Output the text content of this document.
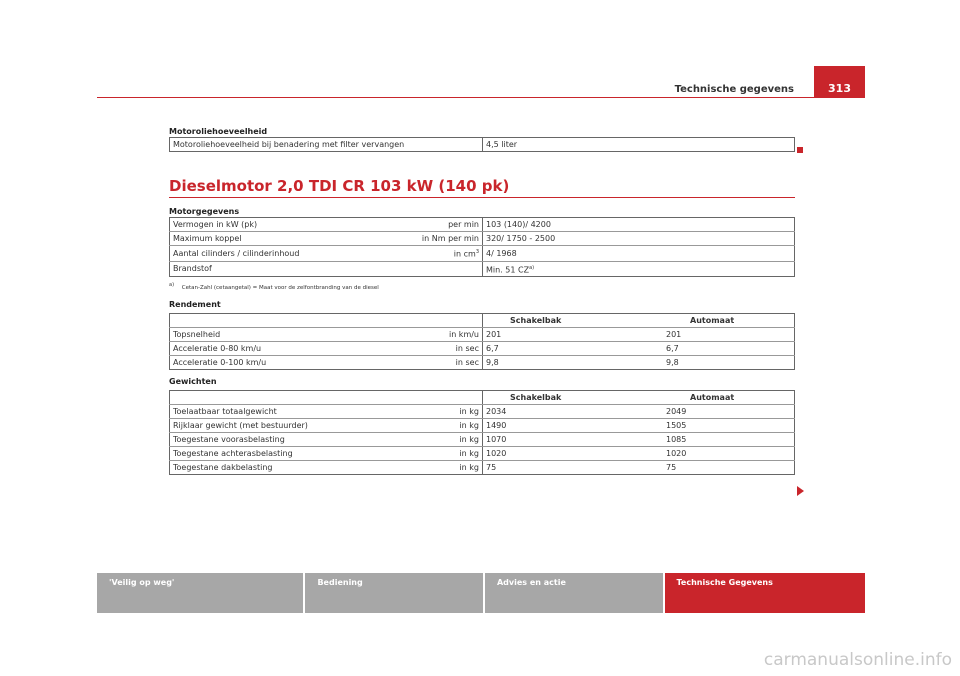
Technische gegevens	313
Motoroliehoeveelheid
Motoroliehoeveelheid bij benadering met filter vervangen	4,5 liter
Dieselmotor 2,0 TDI CR 103 kW (140 pk)
Motorgegevens
Vermogen in kW (pk)	per min	103 (140)/ 4200
Maximum koppel	in Nm per min	320/ 1750 - 2500
Aantal cilinders / cilinderinhoud	in $cm^3$	4/ 1968
Brandstof		Min. 51 CZ$^{a)}$
$^{a)}$ Cetan-Zahl (cetaangetal) = Maat voor de zelfontbranding van de diesel
Rendement
		Schakelbak	Automaat
Topsnelheid	in km/u	201	201
Acceleratie 0-80 km/u	in sec	6,7	6,7
Acceleratie 0-100 km/u	in sec	9,8	9,8
Gewichten
		Schakelbak	Automaat
Toelaatbaar totaalgewicht	in kg	2034	2049
Rijklaar gewicht (met bestuurder)	in kg	1490	1505
Toegestane voorasbelasting	in kg	1070	1085
Toegestane achterasbelasting	in kg	1020	1020
Toegestane dakbelasting	in kg	75	75
'Veilig op weg'	Bediening	Advies en actie	Technische Gegevens
carmanualsonline.info
